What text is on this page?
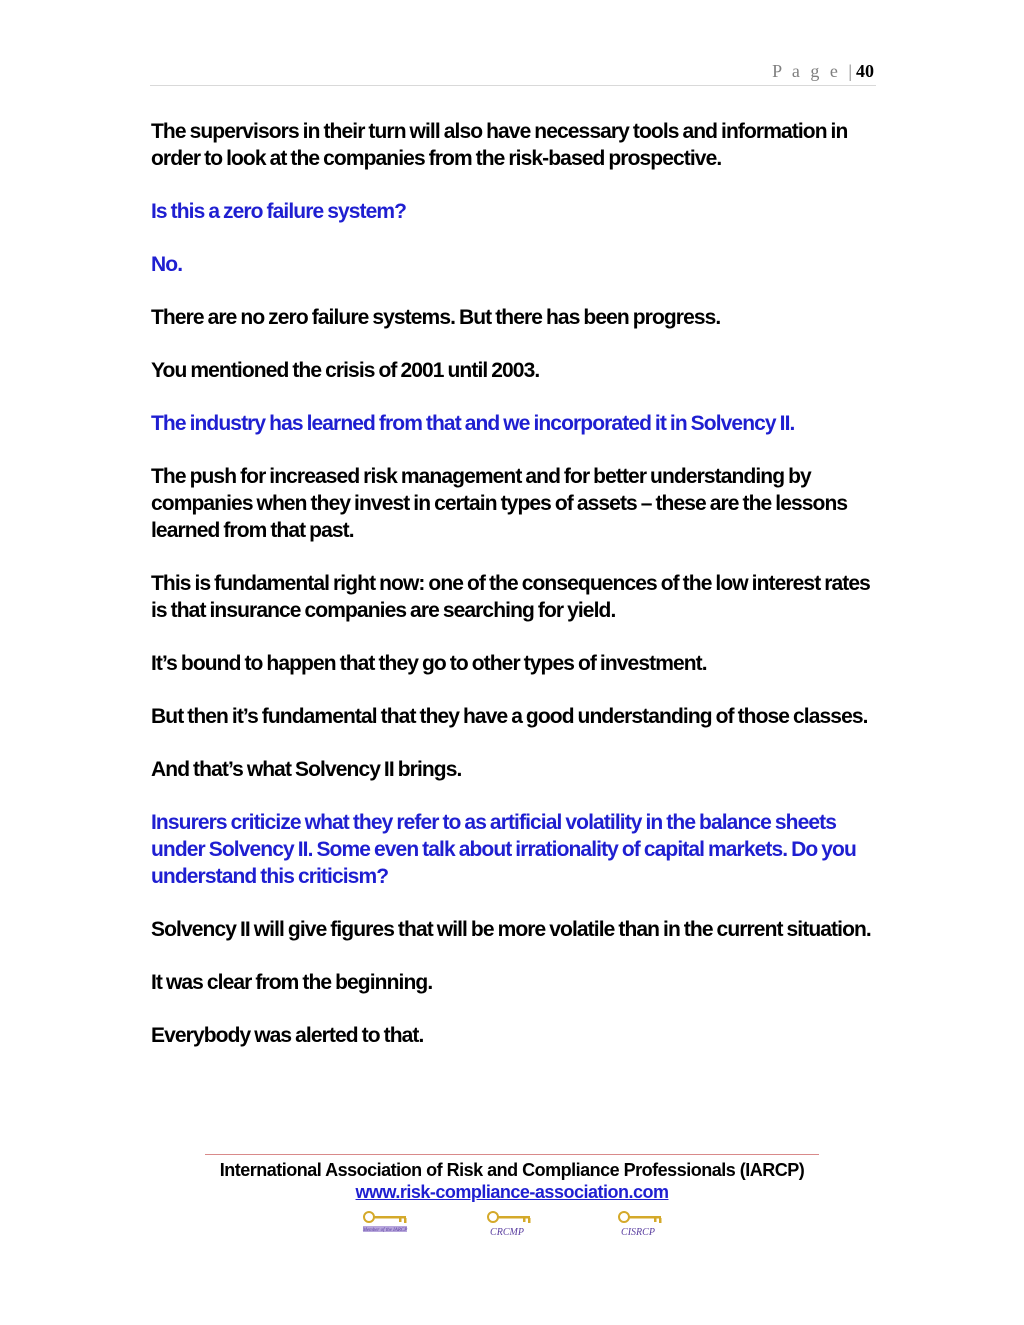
P a g e | 40

The supervisors in their turn will also have necessary tools and information in order to look at the companies from the risk-based prospective.

Is this a zero failure system?

No.

There are no zero failure systems. But there has been progress.

You mentioned the crisis of 2001 until 2003.

The industry has learned from that and we incorporated it in Solvency II.

The push for increased risk management and for better understanding by companies when they invest in certain types of assets – these are the lessons learned from that past.

This is fundamental right now: one of the consequences of the low interest rates is that insurance companies are searching for yield.

It’s bound to happen that they go to other types of investment.

But then it’s fundamental that they have a good understanding of those classes.

And that’s what Solvency II brings.

Insurers criticize what they refer to as artificial volatility in the balance sheets under Solvency II. Some even talk about irrationality of capital markets. Do you understand this criticism?

Solvency II will give figures that will be more volatile than in the current situation.

It was clear from the beginning.

Everybody was alerted to that.

International Association of Risk and Compliance Professionals (IARCP)
www.risk-compliance-association.com
Member of the IARCP	CRCMP	CISRCP
